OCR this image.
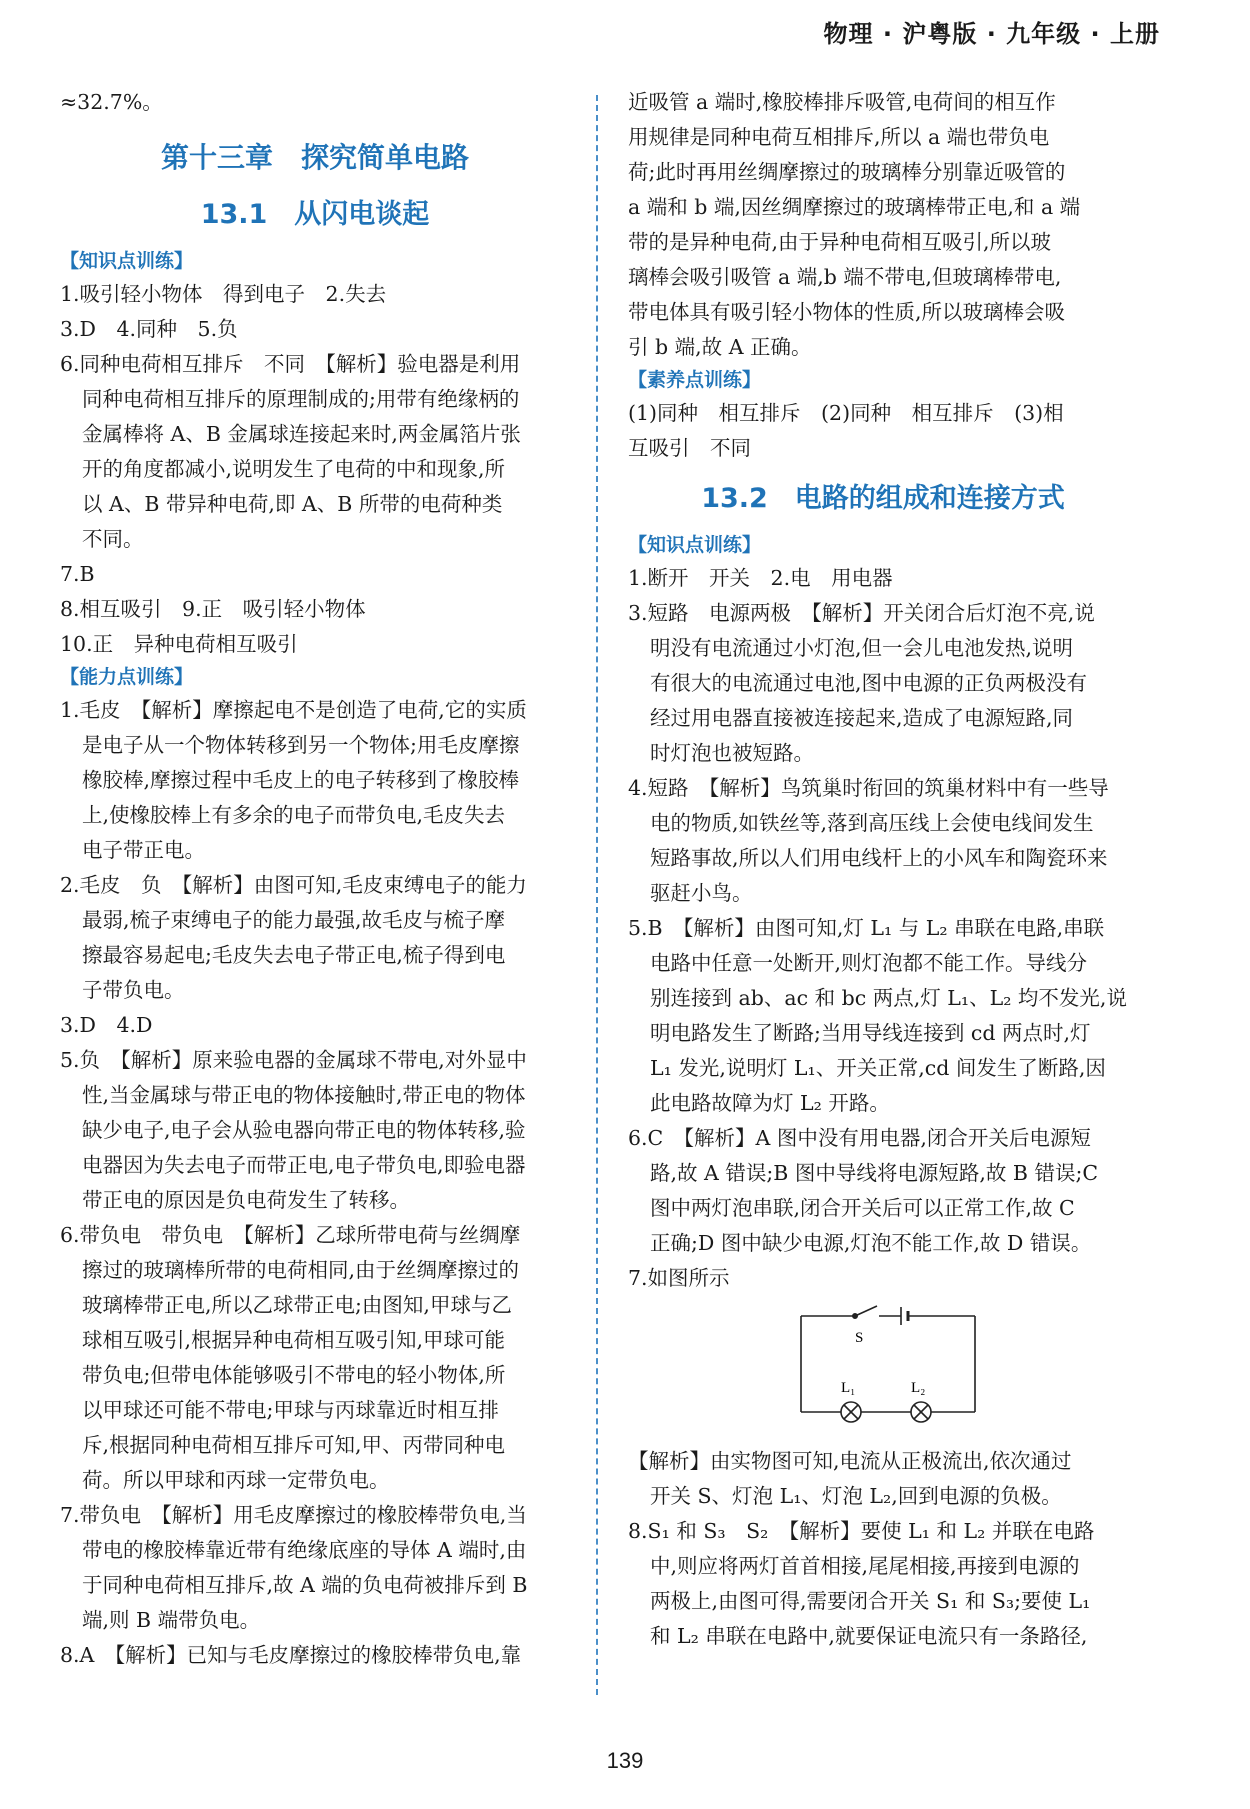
物理 · 沪粤版 · 九年级 · 上册
≈32.7%。
第十三章　探究简单电路
13.1　从闪电谈起
【知识点训练】
1.吸引轻小物体　得到电子　2.失去
3.D　4.同种　5.负
6.同种电荷相互排斥　不同　【解析】验电器是利用
同种电荷相互排斥的原理制成的;用带有绝缘柄的
金属棒将 A、B 金属球连接起来时,两金属箔片张
开的角度都减小,说明发生了电荷的中和现象,所
以 A、B 带异种电荷,即 A、B 所带的电荷种类
不同。
7.B
8.相互吸引　9.正　吸引轻小物体
10.正　异种电荷相互吸引
【能力点训练】
1.毛皮　【解析】摩擦起电不是创造了电荷,它的实质
是电子从一个物体转移到另一个物体;用毛皮摩擦
橡胶棒,摩擦过程中毛皮上的电子转移到了橡胶棒
上,使橡胶棒上有多余的电子而带负电,毛皮失去
电子带正电。
2.毛皮　负　【解析】由图可知,毛皮束缚电子的能力
最弱,梳子束缚电子的能力最强,故毛皮与梳子摩
擦最容易起电;毛皮失去电子带正电,梳子得到电
子带负电。
3.D　4.D
5.负　【解析】原来验电器的金属球不带电,对外显中
性,当金属球与带正电的物体接触时,带正电的物体
缺少电子,电子会从验电器向带正电的物体转移,验
电器因为失去电子而带正电,电子带负电,即验电器
带正电的原因是负电荷发生了转移。
6.带负电　带负电　【解析】乙球所带电荷与丝绸摩
擦过的玻璃棒所带的电荷相同,由于丝绸摩擦过的
玻璃棒带正电,所以乙球带正电;由图知,甲球与乙
球相互吸引,根据异种电荷相互吸引知,甲球可能
带负电;但带电体能够吸引不带电的轻小物体,所
以甲球还可能不带电;甲球与丙球靠近时相互排
斥,根据同种电荷相互排斥可知,甲、丙带同种电
荷。所以甲球和丙球一定带负电。
7.带负电　【解析】用毛皮摩擦过的橡胶棒带负电,当
带电的橡胶棒靠近带有绝缘底座的导体 A 端时,由
于同种电荷相互排斥,故 A 端的负电荷被排斥到 B
端,则 B 端带负电。
8.A　【解析】已知与毛皮摩擦过的橡胶棒带负电,靠
近吸管 a 端时,橡胶棒排斥吸管,电荷间的相互作
用规律是同种电荷互相排斥,所以 a 端也带负电
荷;此时再用丝绸摩擦过的玻璃棒分别靠近吸管的
a 端和 b 端,因丝绸摩擦过的玻璃棒带正电,和 a 端
带的是异种电荷,由于异种电荷相互吸引,所以玻
璃棒会吸引吸管 a 端,b 端不带电,但玻璃棒带电,
带电体具有吸引轻小物体的性质,所以玻璃棒会吸
引 b 端,故 A 正确。
【素养点训练】
(1)同种　相互排斥　(2)同种　相互排斥　(3)相
互吸引　不同
13.2　电路的组成和连接方式
【知识点训练】
1.断开　开关　2.电　用电器
3.短路　电源两极　【解析】开关闭合后灯泡不亮,说
明没有电流通过小灯泡,但一会儿电池发热,说明
有很大的电流通过电池,图中电源的正负两极没有
经过用电器直接被连接起来,造成了电源短路,同
时灯泡也被短路。
4.短路　【解析】鸟筑巢时衔回的筑巢材料中有一些导
电的物质,如铁丝等,落到高压线上会使电线间发生
短路事故,所以人们用电线杆上的小风车和陶瓷环来
驱赶小鸟。
5.B　【解析】由图可知,灯 L₁ 与 L₂ 串联在电路,串联
电路中任意一处断开,则灯泡都不能工作。导线分
别连接到 ab、ac 和 bc 两点,灯 L₁、L₂ 均不发光,说
明电路发生了断路;当用导线连接到 cd 两点时,灯
L₁ 发光,说明灯 L₁、开关正常,cd 间发生了断路,因
此电路故障为灯 L₂ 开路。
6.C　【解析】A 图中没有用电器,闭合开关后电源短
路,故 A 错误;B 图中导线将电源短路,故 B 错误;C
图中两灯泡串联,闭合开关后可以正常工作,故 C
正确;D 图中缺少电源,灯泡不能工作,故 D 错误。
7.如图所示
S
L₁	L₂
【解析】由实物图可知,电流从正极流出,依次通过
开关 S、灯泡 L₁、灯泡 L₂,回到电源的负极。
8.S₁ 和 S₃　S₂　【解析】要使 L₁ 和 L₂ 并联在电路
中,则应将两灯首首相接,尾尾相接,再接到电源的
两极上,由图可得,需要闭合开关 S₁ 和 S₃;要使 L₁
和 L₂ 串联在电路中,就要保证电流只有一条路径,
139
